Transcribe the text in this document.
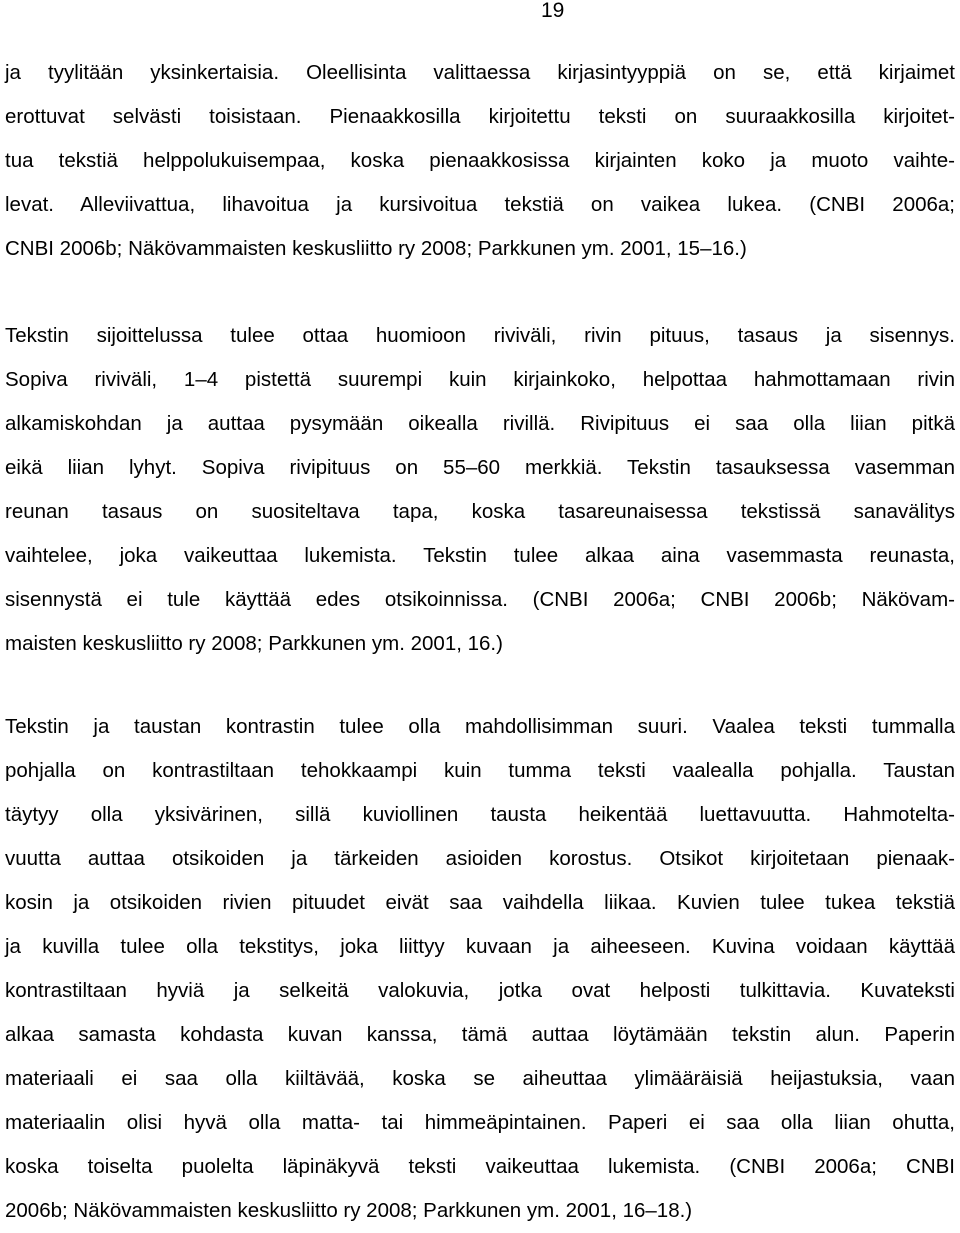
19
ja tyylitään yksinkertaisia. Oleellisinta valittaessa kirjasintyyppiä on se, että kirjaimet
erottuvat selvästi toisistaan. Pienaakkosilla kirjoitettu teksti on suuraakkosilla kirjoitet-
tua tekstiä helppolukuisempaa, koska pienaakkosissa kirjainten koko ja muoto vaihte-
levat. Alleviivattua, lihavoitua ja kursivoitua tekstiä on vaikea lukea. (CNBI 2006a;
CNBI 2006b; Näkövammaisten keskusliitto ry 2008; Parkkunen ym. 2001, 15–16.)
Tekstin sijoittelussa tulee ottaa huomioon riviväli, rivin pituus, tasaus ja sisennys.
Sopiva riviväli, 1–4 pistettä suurempi kuin kirjainkoko, helpottaa hahmottamaan rivin
alkamiskohdan ja auttaa pysymään oikealla rivillä. Rivipituus ei saa olla liian pitkä
eikä liian lyhyt. Sopiva rivipituus on 55–60 merkkiä. Tekstin tasauksessa vasemman
reunan tasaus on suositeltava tapa, koska tasareunaisessa tekstissä sanavälitys
vaihtelee, joka vaikeuttaa lukemista. Tekstin tulee alkaa aina vasemmasta reunasta,
sisennystä ei tule käyttää edes otsikoinnissa. (CNBI 2006a; CNBI 2006b; Näkövam-
maisten keskusliitto ry 2008; Parkkunen ym. 2001, 16.)
Tekstin ja taustan kontrastin tulee olla mahdollisimman suuri. Vaalea teksti tummalla
pohjalla on kontrastiltaan tehokkaampi kuin tumma teksti vaalealla pohjalla. Taustan
täytyy olla yksivärinen, sillä kuviollinen tausta heikentää luettavuutta. Hahmotelta-
vuutta auttaa otsikoiden ja tärkeiden asioiden korostus. Otsikot kirjoitetaan pienaak-
kosin ja otsikoiden rivien pituudet eivät saa vaihdella liikaa. Kuvien tulee tukea tekstiä
ja kuvilla tulee olla tekstitys, joka liittyy kuvaan ja aiheeseen. Kuvina voidaan käyttää
kontrastiltaan hyviä ja selkeitä valokuvia, jotka ovat helposti tulkittavia. Kuvateksti
alkaa samasta kohdasta kuvan kanssa, tämä auttaa löytämään tekstin alun. Paperin
materiaali ei saa olla kiiltävää, koska se aiheuttaa ylimääräisiä heijastuksia, vaan
materiaalin olisi hyvä olla matta- tai himmeäpintainen. Paperi ei saa olla liian ohutta,
koska toiselta puolelta läpinäkyvä teksti vaikeuttaa lukemista. (CNBI 2006a; CNBI
2006b; Näkövammaisten keskusliitto ry 2008; Parkkunen ym. 2001, 16–18.)
